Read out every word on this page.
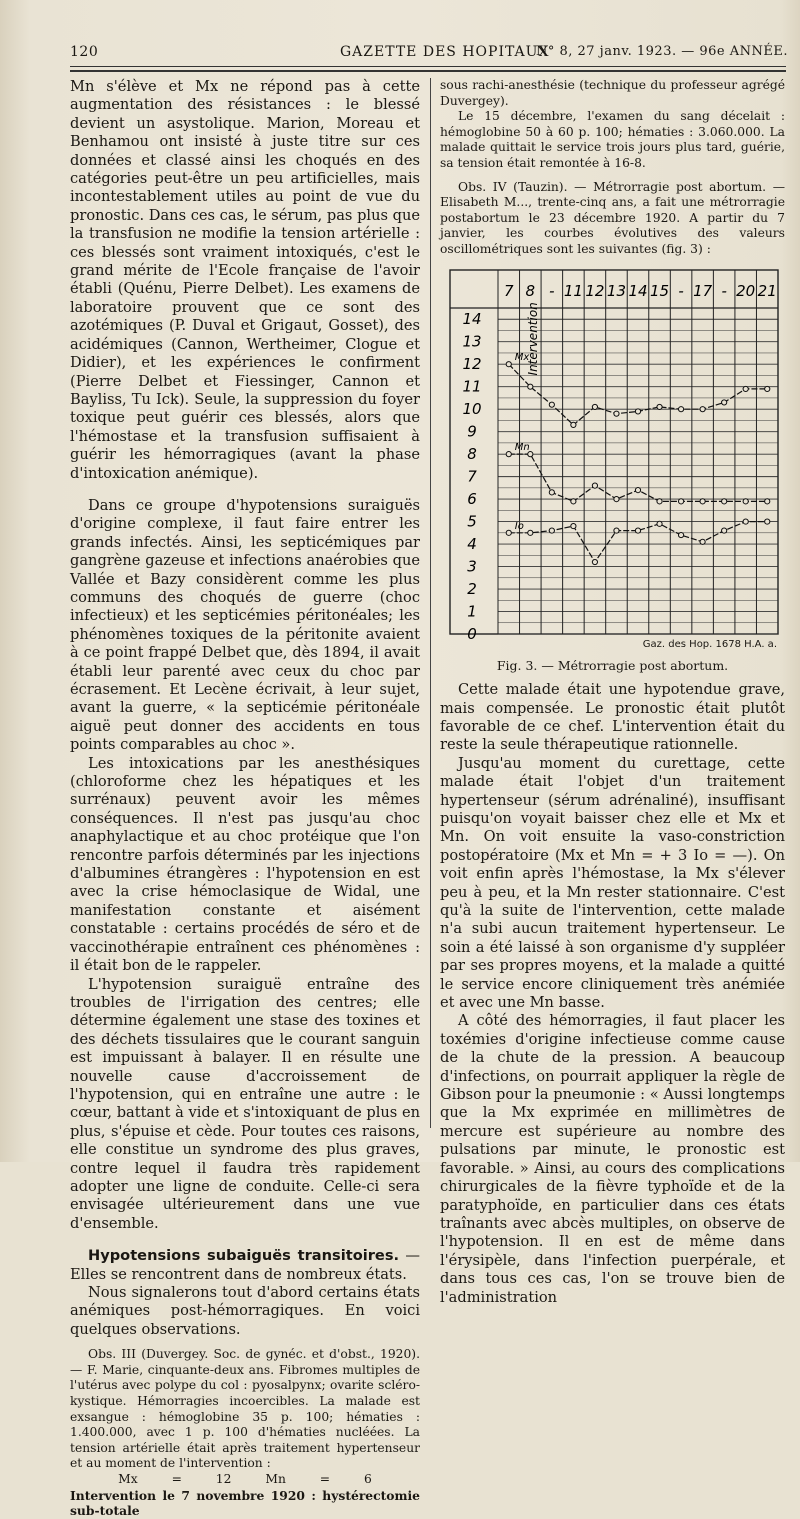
120	GAZETTE DES HOPITAUX
N° 8, 27 janv. 1923. — 96e ANNÉE.

Mn s'élève et Mx ne répond pas à cette augmentation des résistances : le blessé devient un asystolique. Marion, Moreau et Benhamou ont insisté à juste titre sur ces données et classé ainsi les choqués en des catégories peut-être un peu artificielles, mais incontestablement utiles au point de vue du pronostic. Dans ces cas, le sérum, pas plus que la transfusion ne modifie la tension artérielle : ces blessés sont vraiment intoxiqués, c'est le grand mérite de l'Ecole française de l'avoir établi (Quénu, Pierre Delbet). Les examens de laboratoire prouvent que ce sont des azotémiques (P. Duval et Grigaut, Gosset), des acidémiques (Cannon, Wertheimer, Clogue et Didier), et les expériences le confirment (Pierre Delbet et Fiessinger, Cannon et Bayliss, Tu Ick). Seule, la suppression du foyer toxique peut guérir ces blessés, alors que l'hémostase et la transfusion suffisaient à guérir les hémorragiques (avant la phase d'intoxication anémique).

Dans ce groupe d'hypotensions suraiguës d'origine complexe, il faut faire entrer les grands infectés. Ainsi, les septicémiques par gangrène gazeuse et infections anaérobies que Vallée et Bazy considèrent comme les plus communs des choqués de guerre (choc infectieux) et les septicémies péritonéales; les phénomènes toxiques de la péritonite avaient à ce point frappé Delbet que, dès 1894, il avait établi leur parenté avec ceux du choc par écrasement. Et Lecène écrivait, à leur sujet, avant la guerre, « la septicémie péritonéale aiguë peut donner des accidents en tous points comparables au choc ».

Les intoxications par les anesthésiques (chloroforme chez les hépatiques et les surrénaux) peuvent avoir les mêmes conséquences. Il n'est pas jusqu'au choc anaphylactique et au choc protéique que l'on rencontre parfois déterminés par les injections d'albumines étrangères : l'hypotension en est avec la crise hémoclasique de Widal, une manifestation constante et aisément constatable : certains procédés de séro et de vaccinothérapie entraînent ces phénomènes : il était bon de le rappeler.

L'hypotension suraiguë entraîne des troubles de l'irrigation des centres; elle détermine également une stase des toxines et des déchets tissulaires que le courant sanguin est impuissant à balayer. Il en résulte une nouvelle cause d'accroissement de l'hypotension, qui en entraîne une autre : le cœur, battant à vide et s'intoxiquant de plus en plus, s'épuise et cède. Pour toutes ces raisons, elle constitue un syndrome des plus graves, contre lequel il faudra très rapidement adopter une ligne de conduite. Celle-ci sera envisagée ultérieurement dans une vue d'ensemble.

Hypotensions subaiguës transitoires. — Elles se rencontrent dans de nombreux états.

Nous signalerons tout d'abord certains états anémiques post-hémorragiques. En voici quelques observations.

Obs. III (Duvergey. Soc. de gynéc. et d'obst., 1920). — F. Marie, cinquante-deux ans. Fibromes multiples de l'utérus avec polype du col : pyosalpynx; ovarite scléro-kystique. Hémorragies incoercibles. La malade est exsangue : hémoglobine 35 p. 100; hématies : 1.400.000, avec 1 p. 100 d'hématies nucléées. La tension artérielle était après traitement hypertenseur et au moment de l'intervention :

Mx = 12 Mn = 6

Intervention le 7 novembre 1920 : hystérectomie sub-totale

sous rachi-anesthésie (technique du professeur agrégé Duvergey).

Le 15 décembre, l'examen du sang décelait : hémoglobine 50 à 60 p. 100; hématies : 3.060.000. La malade quittait le service trois jours plus tard, guérie, sa tension était remontée à 16-8.

Obs. IV (Tauzin). — Métrorragie post abortum. — Elisabeth M..., trente-cinq ans, a fait une métrorragie postabortum le 23 décembre 1920. A partir du 7 janvier, les courbes évolutives des valeurs oscillométriques sont les suivantes (fig. 3) :

7 8 - 11 12 13 14 15 - 17 - 20 21
0
1
2
3
4
5
6
7
8
9
10
11
12
13
14	Intervention
Mx
Mn
Io
Gaz. des Hop. 1678 H.A. a.

Fig. 3. — Métrorragie post abortum.

Cette malade était une hypotendue grave, mais compensée. Le pronostic était plutôt favorable de ce chef. L'intervention était du reste la seule thérapeutique rationnelle.

Jusqu'au moment du curettage, cette malade était l'objet d'un traitement hypertenseur (sérum adrénaliné), insuffisant puisqu'on voyait baisser chez elle et Mx et Mn. On voit ensuite la vaso-constriction postopératoire (Mx et Mn = + 3 Io = —). On voit enfin après l'hémostase, la Mx s'élever peu à peu, et la Mn rester stationnaire. C'est qu'à la suite de l'intervention, cette malade n'a subi aucun traitement hypertenseur. Le soin a été laissé à son organisme d'y suppléer par ses propres moyens, et la malade a quitté le service encore cliniquement très anémiée et avec une Mn basse.

A côté des hémorragies, il faut placer les toxémies d'origine infectieuse comme cause de la chute de la pression. A beaucoup d'infections, on pourrait appliquer la règle de Gibson pour la pneumonie : « Aussi longtemps que la Mx exprimée en millimètres de mercure est supérieure au nombre des pulsations par minute, le pronostic est favorable. » Ainsi, au cours des complications chirurgicales de la fièvre typhoïde et de la paratyphoïde, en particulier dans ces états traînants avec abcès multiples, on observe de l'hypotension. Il en est de même dans l'érysipèle, dans l'infection puerpérale, et dans tous ces cas, l'on se trouve bien de l'administration
